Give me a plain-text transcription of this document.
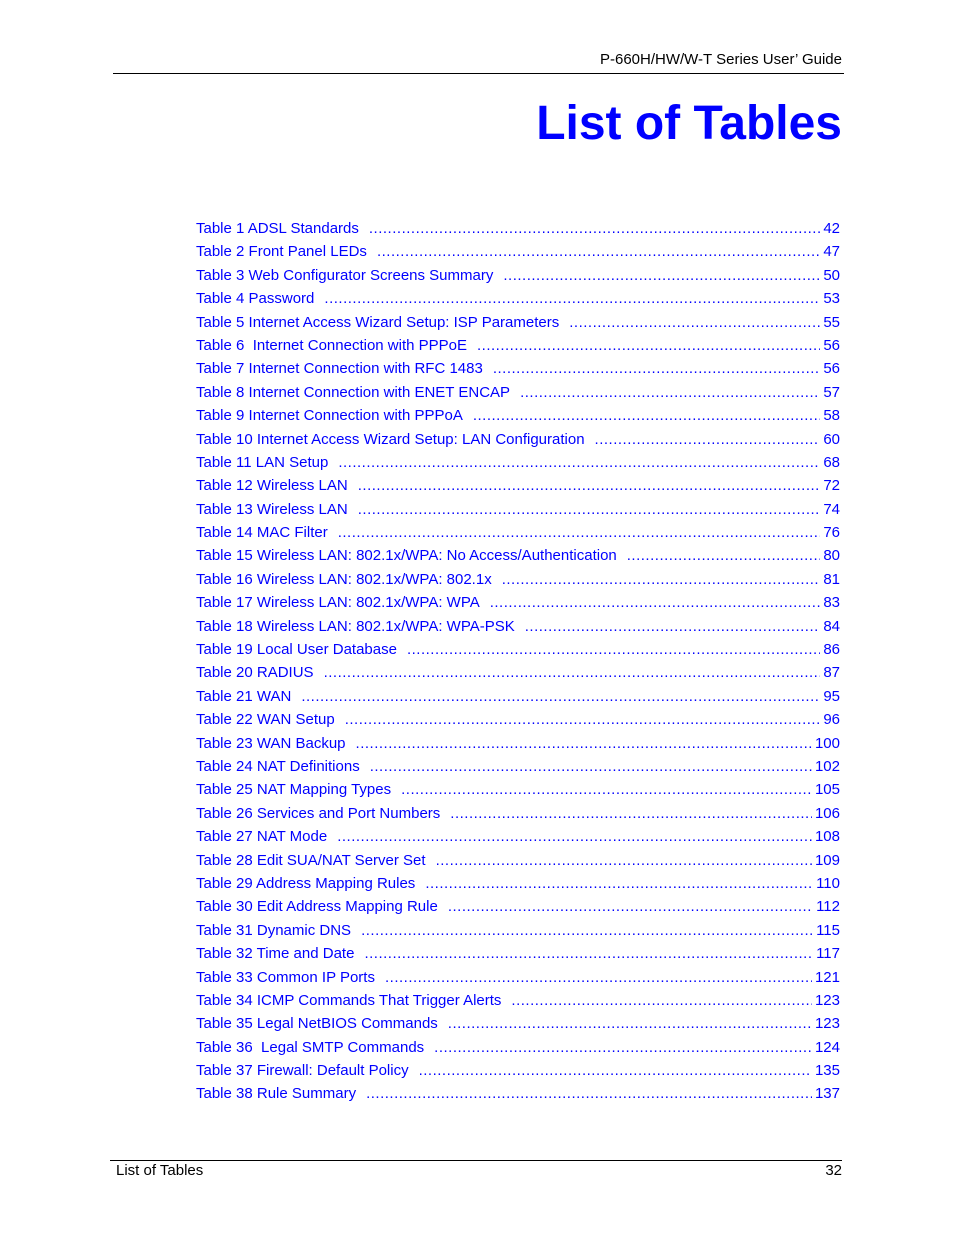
P-660H/HW/W-T Series User’ Guide
List of Tables
Table 1 ADSL Standards .....	42
Table 2 Front Panel LEDs .....	47
Table 3 Web Configurator Screens Summary .....	50
Table 4 Password .....	53
Table 5 Internet Access Wizard Setup: ISP Parameters .....	55
Table 6  Internet Connection with PPPoE .....	56
Table 7 Internet Connection with RFC 1483 .....	56
Table 8 Internet Connection with ENET ENCAP .....	57
Table 9 Internet Connection with PPPoA .....	58
Table 10 Internet Access Wizard Setup: LAN Configuration .....	60
Table 11 LAN Setup .....	68
Table 12 Wireless LAN .....	72
Table 13 Wireless LAN .....	74
Table 14 MAC Filter .....	76
Table 15 Wireless LAN: 802.1x/WPA: No Access/Authentication .....	80
Table 16 Wireless LAN: 802.1x/WPA: 802.1x .....	81
Table 17 Wireless LAN: 802.1x/WPA: WPA .....	83
Table 18 Wireless LAN: 802.1x/WPA: WPA-PSK .....	84
Table 19 Local User Database .....	86
Table 20 RADIUS .....	87
Table 21 WAN .....	95
Table 22 WAN Setup .....	96
Table 23 WAN Backup .....	100
Table 24 NAT Definitions .....	102
Table 25 NAT Mapping Types .....	105
Table 26 Services and Port Numbers .....	106
Table 27 NAT Mode .....	108
Table 28 Edit SUA/NAT Server Set .....	109
Table 29 Address Mapping Rules .....	110
Table 30 Edit Address Mapping Rule .....	112
Table 31 Dynamic DNS .....	115
Table 32 Time and Date .....	117
Table 33 Common IP Ports .....	121
Table 34 ICMP Commands That Trigger Alerts .....	123
Table 35 Legal NetBIOS Commands .....	123
Table 36  Legal SMTP Commands .....	124
Table 37 Firewall: Default Policy .....	135
Table 38 Rule Summary .....	137
List of Tables	32
